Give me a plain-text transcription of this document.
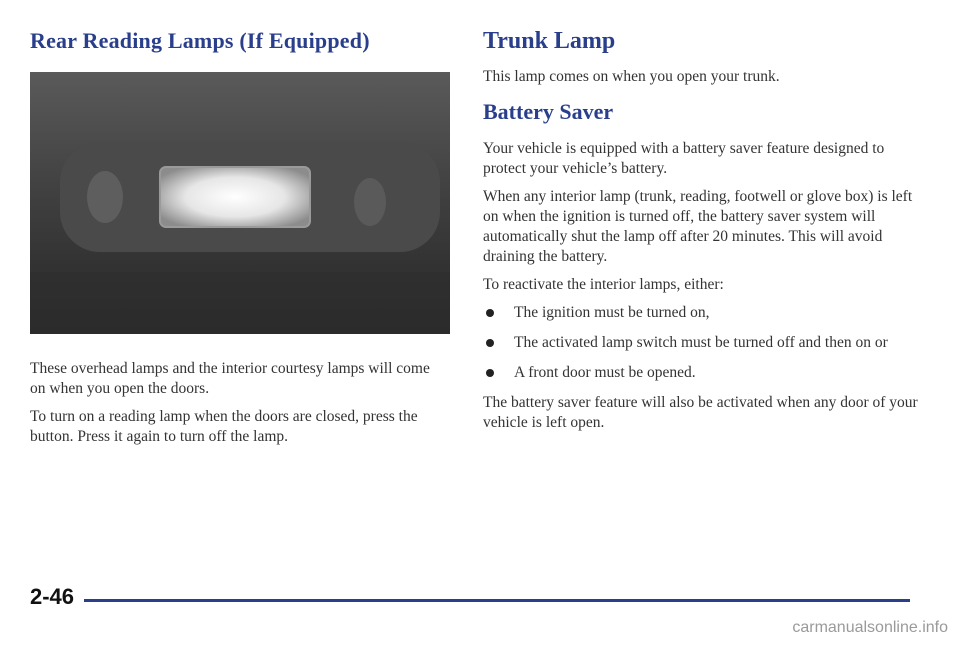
Rear Reading Lamps (If Equipped)

These overhead lamps and the interior courtesy lamps will come on when you open the doors.

To turn on a reading lamp when the doors are closed, press the button. Press it again to turn off the lamp.

Trunk Lamp

This lamp comes on when you open your trunk.

Battery Saver

Your vehicle is equipped with a battery saver feature designed to protect your vehicle’s battery.

When any interior lamp (trunk, reading, footwell or glove box) is left on when the ignition is turned off, the battery saver system will automatically shut the lamp off after 20 minutes. This will avoid draining the battery.

To reactivate the interior lamps, either:

The ignition must be turned on,
The activated lamp switch must be turned off and then on or
A front door must be opened.

The battery saver feature will also be activated when any door of your vehicle is left open.

2-46
carmanualsonline.info
